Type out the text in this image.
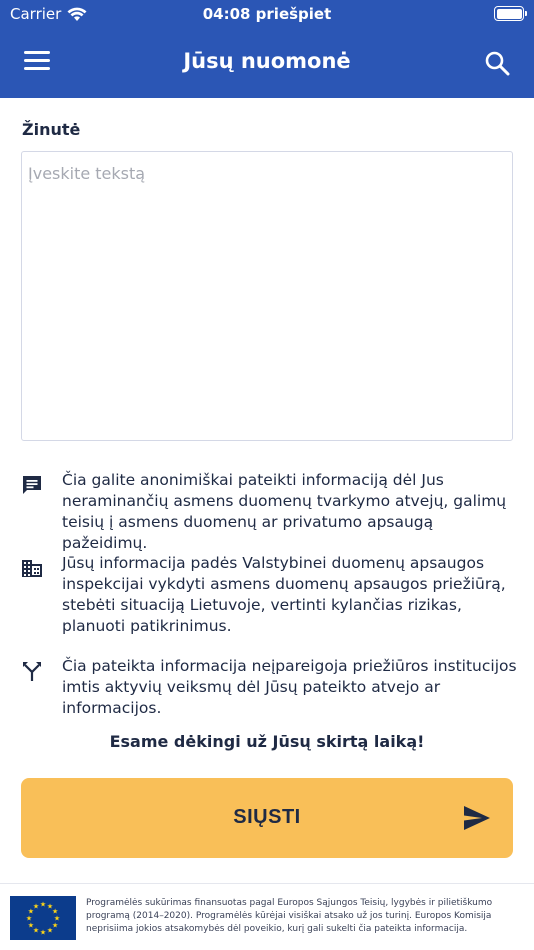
Carrier	04:08 priešpiet
Jūsų nuomonė
Žinutė
Įveskite tekstą
Čia galite anonimiškai pateikti informaciją dėl Jus neraminančių asmens duomenų tvarkymo atvejų, galimų teisių į asmens duomenų ar privatumo apsaugą pažeidimų.
Jūsų informacija padės Valstybinei duomenų apsaugos inspekcijai vykdyti asmens duomenų apsaugos priežiūrą, stebėti situaciją Lietuvoje, vertinti kylančias rizikas, planuoti patikrinimus.
Čia pateikta informacija neįpareigoja priežiūros institucijos imtis aktyvių veiksmų dėl Jūsų pateikto atvejo ar informacijos.
Esame dėkingi už Jūsų skirtą laiką!
SIŲSTI
★ ★
★
★
★
★
★
★
★
★
★
★	Programėlės sukūrimas finansuotas pagal Europos Sąjungos Teisių, lygybės ir pilietiškumo programą (2014–2020). Programėlės kūrėjai visiškai atsako už jos turinį. Europos Komisija neprisiima jokios atsakomybės dėl poveikio, kurį gali sukelti čia pateikta informacija.
